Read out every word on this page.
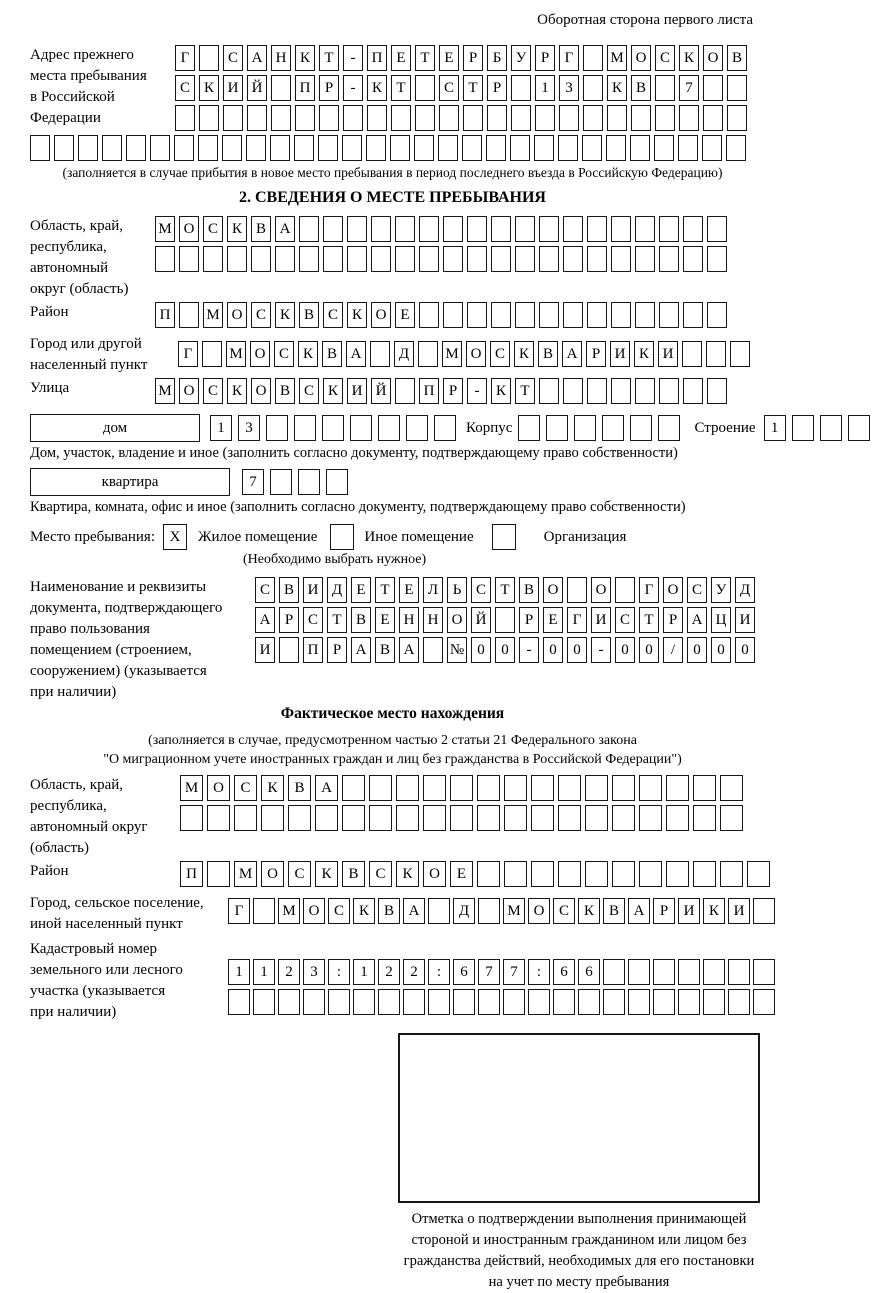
Оборотная сторона первого листа
Адрес прежнего
места пребывания
в Российской
Федерации
Г	С А Н К Т	-	П Е Т Е	Р	Б У Р	Г	М О С К О В
С К И Й	П Р	-	К Т	С Т	Р	1	3	К В	7
(заполняется в случае прибытия в новое место пребывания в период последнего въезда в Российскую Федерацию)
2. СВЕДЕНИЯ О МЕСТЕ ПРЕБЫВАНИЯ
Область, край,
республика,
автономный
округ (область)
М О С К В А
Район	П	М О С К В С К О Е
Город или другой
населенный пункт
Г	М О С К В А	Д	М О С К В А Р И К И
Улица	М О С К О В С К И Й	П Р	-	К Т
дом	1	3	Корпус	Строение	1
Дом, участок, владение и иное (заполнить согласно документу, подтверждающему право собственности)
квартира	7
Квартира, комната, офис и иное (заполнить согласно документу, подтверждающему право собственности)
Место пребывания: X	Жилое помещение	Иное помещение	Организация
(Необходимо выбрать нужное)
Наименование и реквизиты
документа, подтверждающего
право пользования
помещением (строением,
сооружением) (указывается
при наличии)
С В И Д Е Т Е Л Ь С Т В О	О	Г О С У Д
А Р С Т В Е Н Н О Й	Р	Е	Г И С Т	Р А Ц И
И	П Р А В А	№ 0	0	-	0	0	-	0	0	/	0	0	0
Фактическое место нахождения
(заполняется в случае, предусмотренном частью 2 статьи 21 Федерального закона
"О миграционном учете иностранных граждан и лиц без гражданства в Российской Федерации")
Область, край,
республика,
автономный округ
(область)
М О	С	К	В	А
Район	П	М О	С	К	В	С	К	О	Е
Город, сельское поселение,
иной населенный пункт
Г	М О С К В А	Д	М О С К В А	Р	И К И
Кадастровый номер
земельного или лесного
участка (указывается
при наличии)
1	1	2	3	:	1	2	2	:	6	7	7	:	6	6
Отметка о подтверждении выполнения принимающей
стороной и иностранным гражданином или лицом без
гражданства действий, необходимых для его постановки
на учет по месту пребывания
